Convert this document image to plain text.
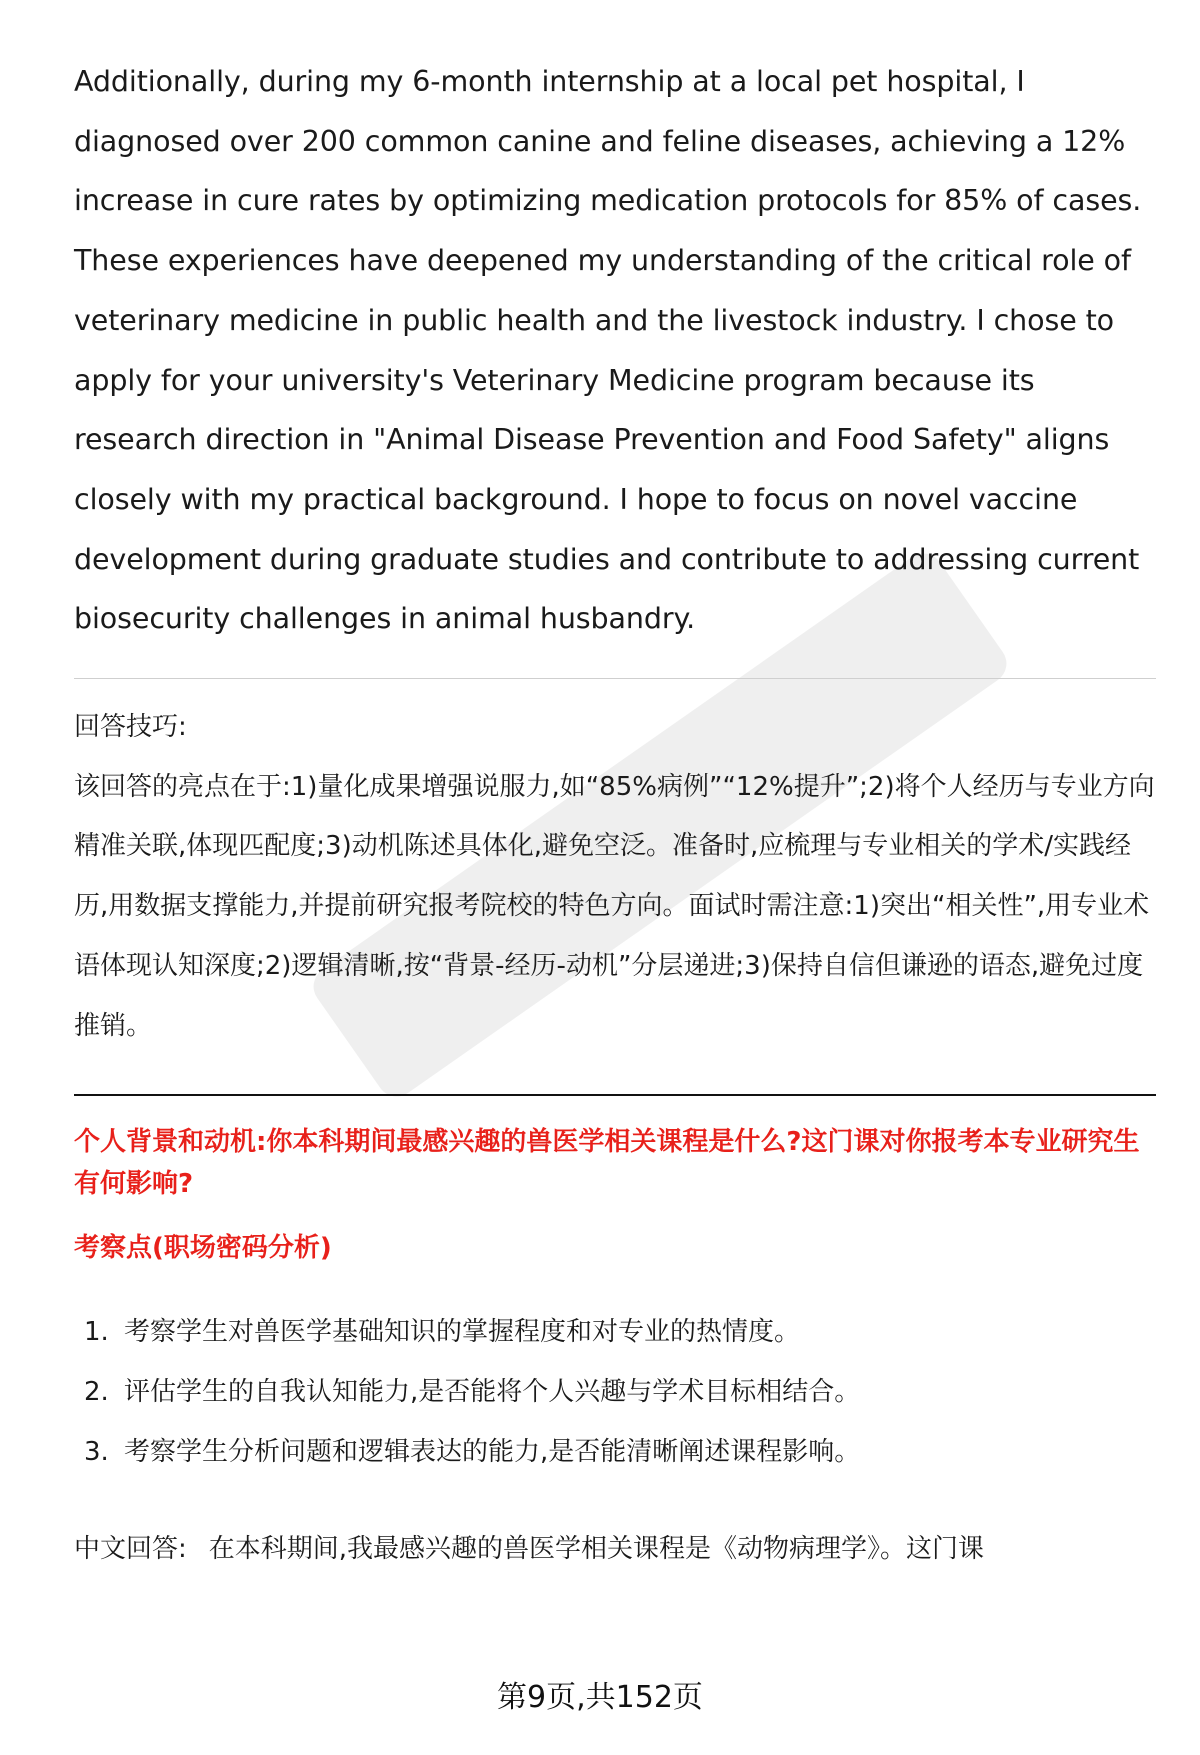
Additionally, during my 6-month internship at a local pet hospital, I diagnosed over 200 common canine and feline diseases, achieving a 12% increase in cure rates by optimizing medication protocols for 85% of cases. These experiences have deepened my understanding of the critical role of veterinary medicine in public health and the livestock industry. I chose to apply for your university's Veterinary Medicine program because its research direction in "Animal Disease Prevention and Food Safety" aligns closely with my practical background. I hope to focus on novel vaccine development during graduate studies and contribute to addressing current biosecurity challenges in animal husbandry.

回答技巧:

该回答的亮点在于:1)量化成果增强说服力,如“85%病例”“12%提升”;2)将个人经历与专业方向精准关联,体现匹配度;3)动机陈述具体化,避免空泛。准备时,应梳理与专业相关的学术/实践经历,用数据支撑能力,并提前研究报考院校的特色方向。面试时需注意:1)突出“相关性”,用专业术语体现认知深度;2)逻辑清晰,按“背景-经历-动机”分层递进;3)保持自信但谦逊的语态,避免过度推销。

个人背景和动机:你本科期间最感兴趣的兽医学相关课程是什么?这门课对你报考本专业研究生有何影响?

考察点(职场密码分析)

1. 考察学生对兽医学基础知识的掌握程度和对专业的热情度。
2. 评估学生的自我认知能力,是否能将个人兴趣与学术目标相结合。
3. 考察学生分析问题和逻辑表达的能力,是否能清晰阐述课程影响。

中文回答: 在本科期间,我最感兴趣的兽医学相关课程是《动物病理学》。这门课

第9页,共152页
